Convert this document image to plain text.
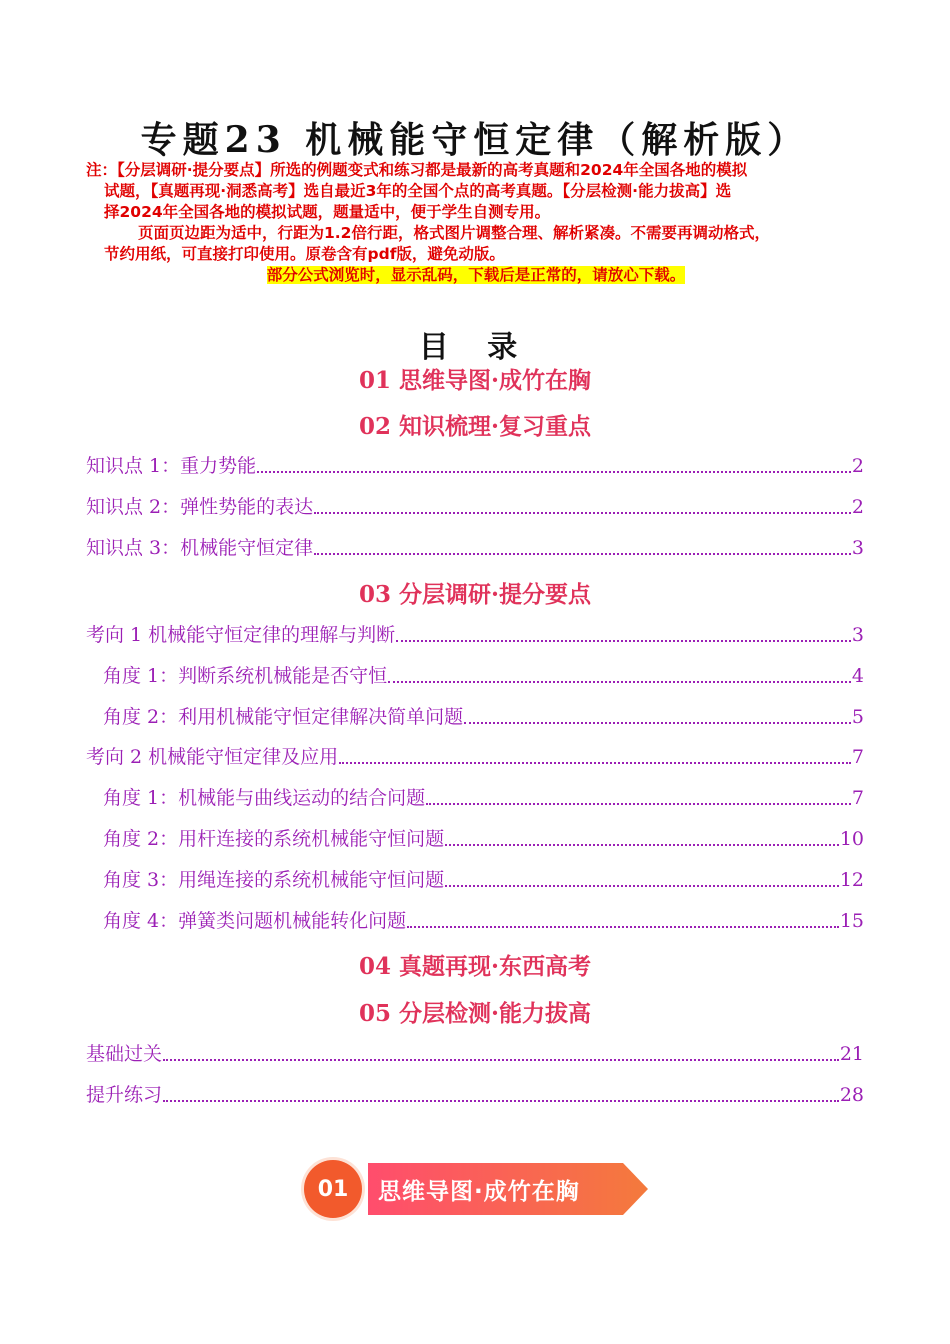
专题23 机械能守恒定律（解析版）
注：【分层调研·提分要点】所选的例题变式和练习都是最新的高考真题和2024年全国各地的模拟
试题，【真题再现·洞悉高考】选自最近3年的全国个点的高考真题。【分层检测·能力拔高】选
择2024年全国各地的模拟试题，题量适中，便于学生自测专用。
页面页边距为适中，行距为1.2倍行距，格式图片调整合理、解析紧凑。不需要再调动格式，
节约用纸，可直接打印使用。原卷含有pdf版，避免动版。
部分公式浏览时，显示乱码，下载后是正常的，请放心下载。
目 录
01 思维导图·成竹在胸
02 知识梳理·复习重点
知识点 1：重力势能	2
知识点 2：弹性势能的表达	2
知识点 3：机械能守恒定律	3
03 分层调研·提分要点
考向 1 机械能守恒定律的理解与判断	3
角度 1：判断系统机械能是否守恒	4
角度 2：利用机械能守恒定律解决简单问题	5
考向 2 机械能守恒定律及应用	7
角度 1：机械能与曲线运动的结合问题	7
角度 2：用杆连接的系统机械能守恒问题	10
角度 3：用绳连接的系统机械能守恒问题	12
角度 4：弹簧类问题机械能转化问题	15
04 真题再现·东西高考
05 分层检测·能力拔高
基础过关	21
提升练习	28
01	思维导图·成竹在胸
